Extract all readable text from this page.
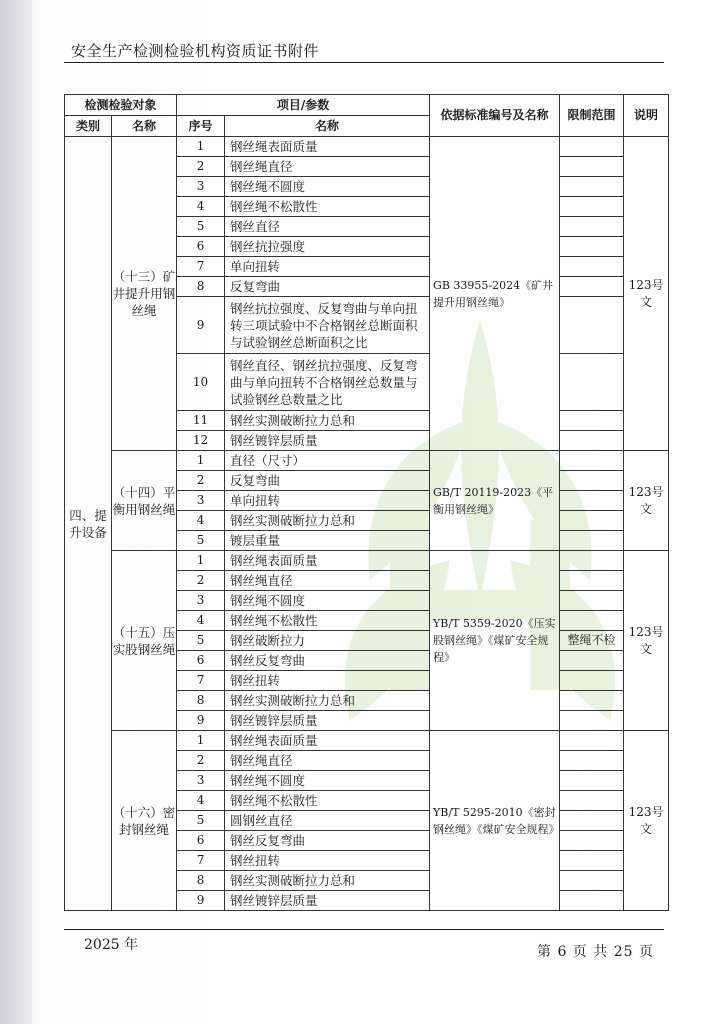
安全生产检测检验机构资质证书附件
检测检验对象		项目/参数		依据标准编号及名称	限制范围	说明
类别	名称	序号	名称			
四、提升设备	（十三）矿井提升用钢丝绳	1	钢丝绳表面质量	GB 33955-2024《矿井提升用钢丝绳》		123号文
		2	钢丝绳直径			
		3	钢丝绳不圆度			
		4	钢丝绳不松散性			
		5	钢丝直径			
		6	钢丝抗拉强度			
		7	单向扭转			
		8	反复弯曲			
		9	钢丝抗拉强度、反复弯曲与单向扭转三项试验中不合格钢丝总断面积与试验钢丝总断面积之比			
		10	钢丝直径、钢丝抗拉强度、反复弯曲与单向扭转不合格钢丝总数量与试验钢丝总数量之比			
		11	钢丝实测破断拉力总和			
		12	钢丝镀锌层质量			
	（十四）平衡用钢丝绳	1	直径（尺寸）	GB/T 20119-2023《平衡用钢丝绳》		123号文
		2	反复弯曲			
		3	单向扭转			
		4	钢丝实测破断拉力总和			
		5	镀层重量			
	（十五）压实股钢丝绳	1	钢丝绳表面质量	YB/T 5359-2020《压实股钢丝绳》《煤矿安全规程》		123号文
		2	钢丝绳直径			
		3	钢丝绳不圆度			
		4	钢丝绳不松散性			
		5	钢丝破断拉力		整绳不检	
		6	钢丝反复弯曲			
		7	钢丝扭转			
		8	钢丝实测破断拉力总和			
		9	钢丝镀锌层质量			
	（十六）密封钢丝绳	1	钢丝绳表面质量	YB/T 5295-2010《密封钢丝绳》《煤矿安全规程》		123号文
		2	钢丝绳直径			
		3	钢丝绳不圆度			
		4	钢丝绳不松散性			
		5	圆钢丝直径			
		6	钢丝反复弯曲			
		7	钢丝扭转			
		8	钢丝实测破断拉力总和			
		9	钢丝镀锌层质量			
2025 年	第 6 页 共 25 页
